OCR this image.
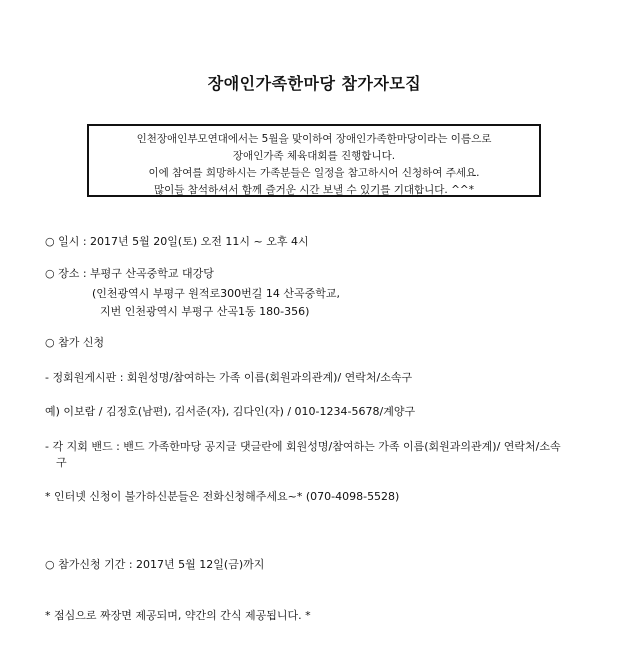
장애인가족한마당 참가자모집
인천장애인부모연대에서는 5월을 맞이하여 장애인가족한마당이라는 이름으로
장애인가족 체육대회를 진행합니다.
이에 참여를 희망하시는 가족분들은 일정을 참고하시어 신청하여 주세요.
많이들 참석하셔서 함께 즐거운 시간 보낼 수 있기를 기대합니다. ^^*
○ 일시 : 2017년 5월 20일(토) 오전 11시 ~ 오후 4시
○ 장소 : 부평구 산곡중학교 대강당
(인천광역시 부평구 원적로300번길 14 산곡중학교,
지번 인천광역시 부평구 산곡1동 180-356)
○ 참가 신청
- 정회원게시판 : 회원성명/참여하는 가족 이름(회원과의관계)/ 연락처/소속구
예) 이보람 / 김정호(남편), 김서준(자), 김다인(자) / 010-1234-5678/계양구
- 각 지회 밴드 : 밴드 가족한마당 공지글 댓글란에 회원성명/참여하는 가족 이름(회원과의관계)/ 연락처/소속
구
* 인터넷 신청이 불가하신분들은 전화신청해주세요~* (070-4098-5528)
○ 참가신청 기간 : 2017년 5월 12일(금)까지
* 점심으로 짜장면 제공되며, 약간의 간식 제공됩니다. *
